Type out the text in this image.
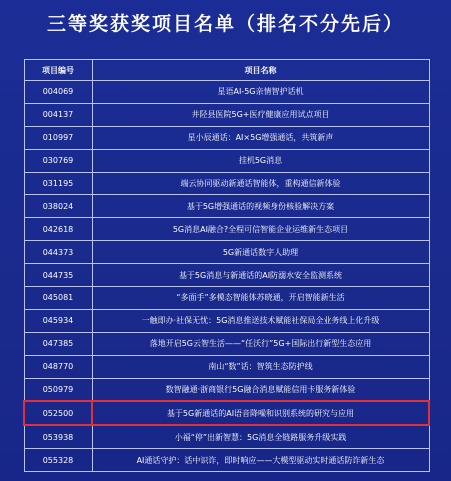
三等奖获奖项目名单（排名不分先后）
项目编号	项目名称
004069	星语AI-5G亲情智护话机
004137	井陉县医院5G+医疗健康应用试点项目
010997	星小辰通话：AI×5G增强通话，共筑新声
030769	挂机5G消息
031195	端云协同驱动新通话智能体，重构通信新体验
038024	基于5G增强通话的视频身份核验解决方案
042618	5G消息AI融合?全程可信智能企业运维新生态项目
044373	5G新通话数字人助理
044735	基于5G消息与新通话的AI防溺水安全监测系统
045081	“多面手”多模态智能体苏晓通，开启智能新生活
045934	一触即办·社保无忧：5G消息推送技术赋能社保局全业务线上化升级
047385	落地开启5G云智生活——“任沃行”5G+国际出行新型生态应用
048770	南山“数”话：智筑生态防护线
050979	数智融通·浙商银行5G融合消息赋能信用卡服务新体验
052500	基于5G新通话的AI语音降噪和识别系统的研究与应用
053938	小福“停”出新智慧：5G消息全链路服务升级实践
055328	AI通话守护：话中识诈，即时响应——大模型驱动实时通话防诈新生态
